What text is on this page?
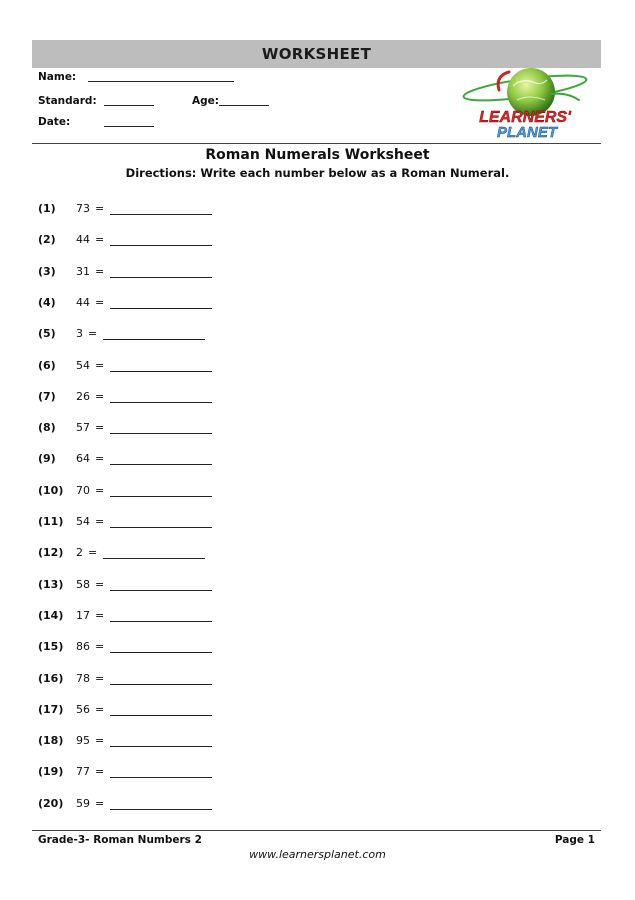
WORKSHEET
Name:
Standard:	Age:
Date:	LEARNERS'
PLANET
Roman Numerals Worksheet
Directions: Write each number below as a Roman Numeral.
(1) 73 =
(2) 44 =
(3) 31 =
(4) 44 =
(5) 3 =
(6) 54 =
(7) 26 =
(8) 57 =
(9) 64 =
(10) 70 =
(11) 54 =
(12) 2 =
(13) 58 =
(14) 17 =
(15) 86 =
(16) 78 =
(17) 56 =
(18) 95 =
(19) 77 =
(20) 59 =
Grade-3- Roman Numbers 2	Page 1
www.learnersplanet.com
